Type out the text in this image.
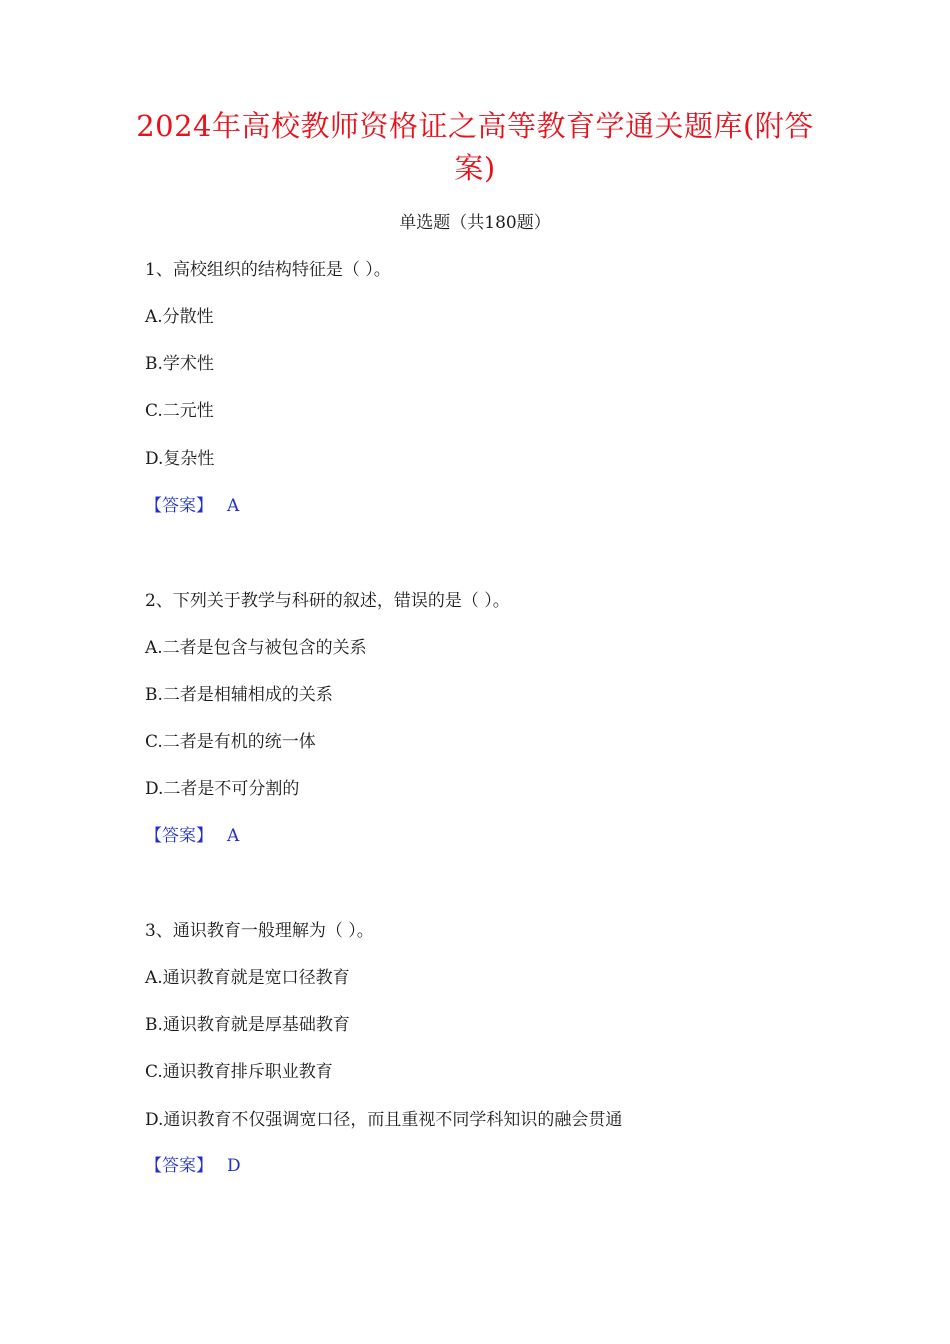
2024年高校教师资格证之高等教育学通关题库(附答
案)
单选题（共180题）
1、高校组织的结构特征是（ ）。
A.分散性
B.学术性
C.二元性
D.复杂性
【答案】 A
2、下列关于教学与科研的叙述，错误的是（ ）。
A.二者是包含与被包含的关系
B.二者是相辅相成的关系
C.二者是有机的统一体
D.二者是不可分割的
【答案】 A
3、通识教育一般理解为（ ）。
A.通识教育就是宽口径教育
B.通识教育就是厚基础教育
C.通识教育排斥职业教育
D.通识教育不仅强调宽口径，而且重视不同学科知识的融会贯通
【答案】 D
